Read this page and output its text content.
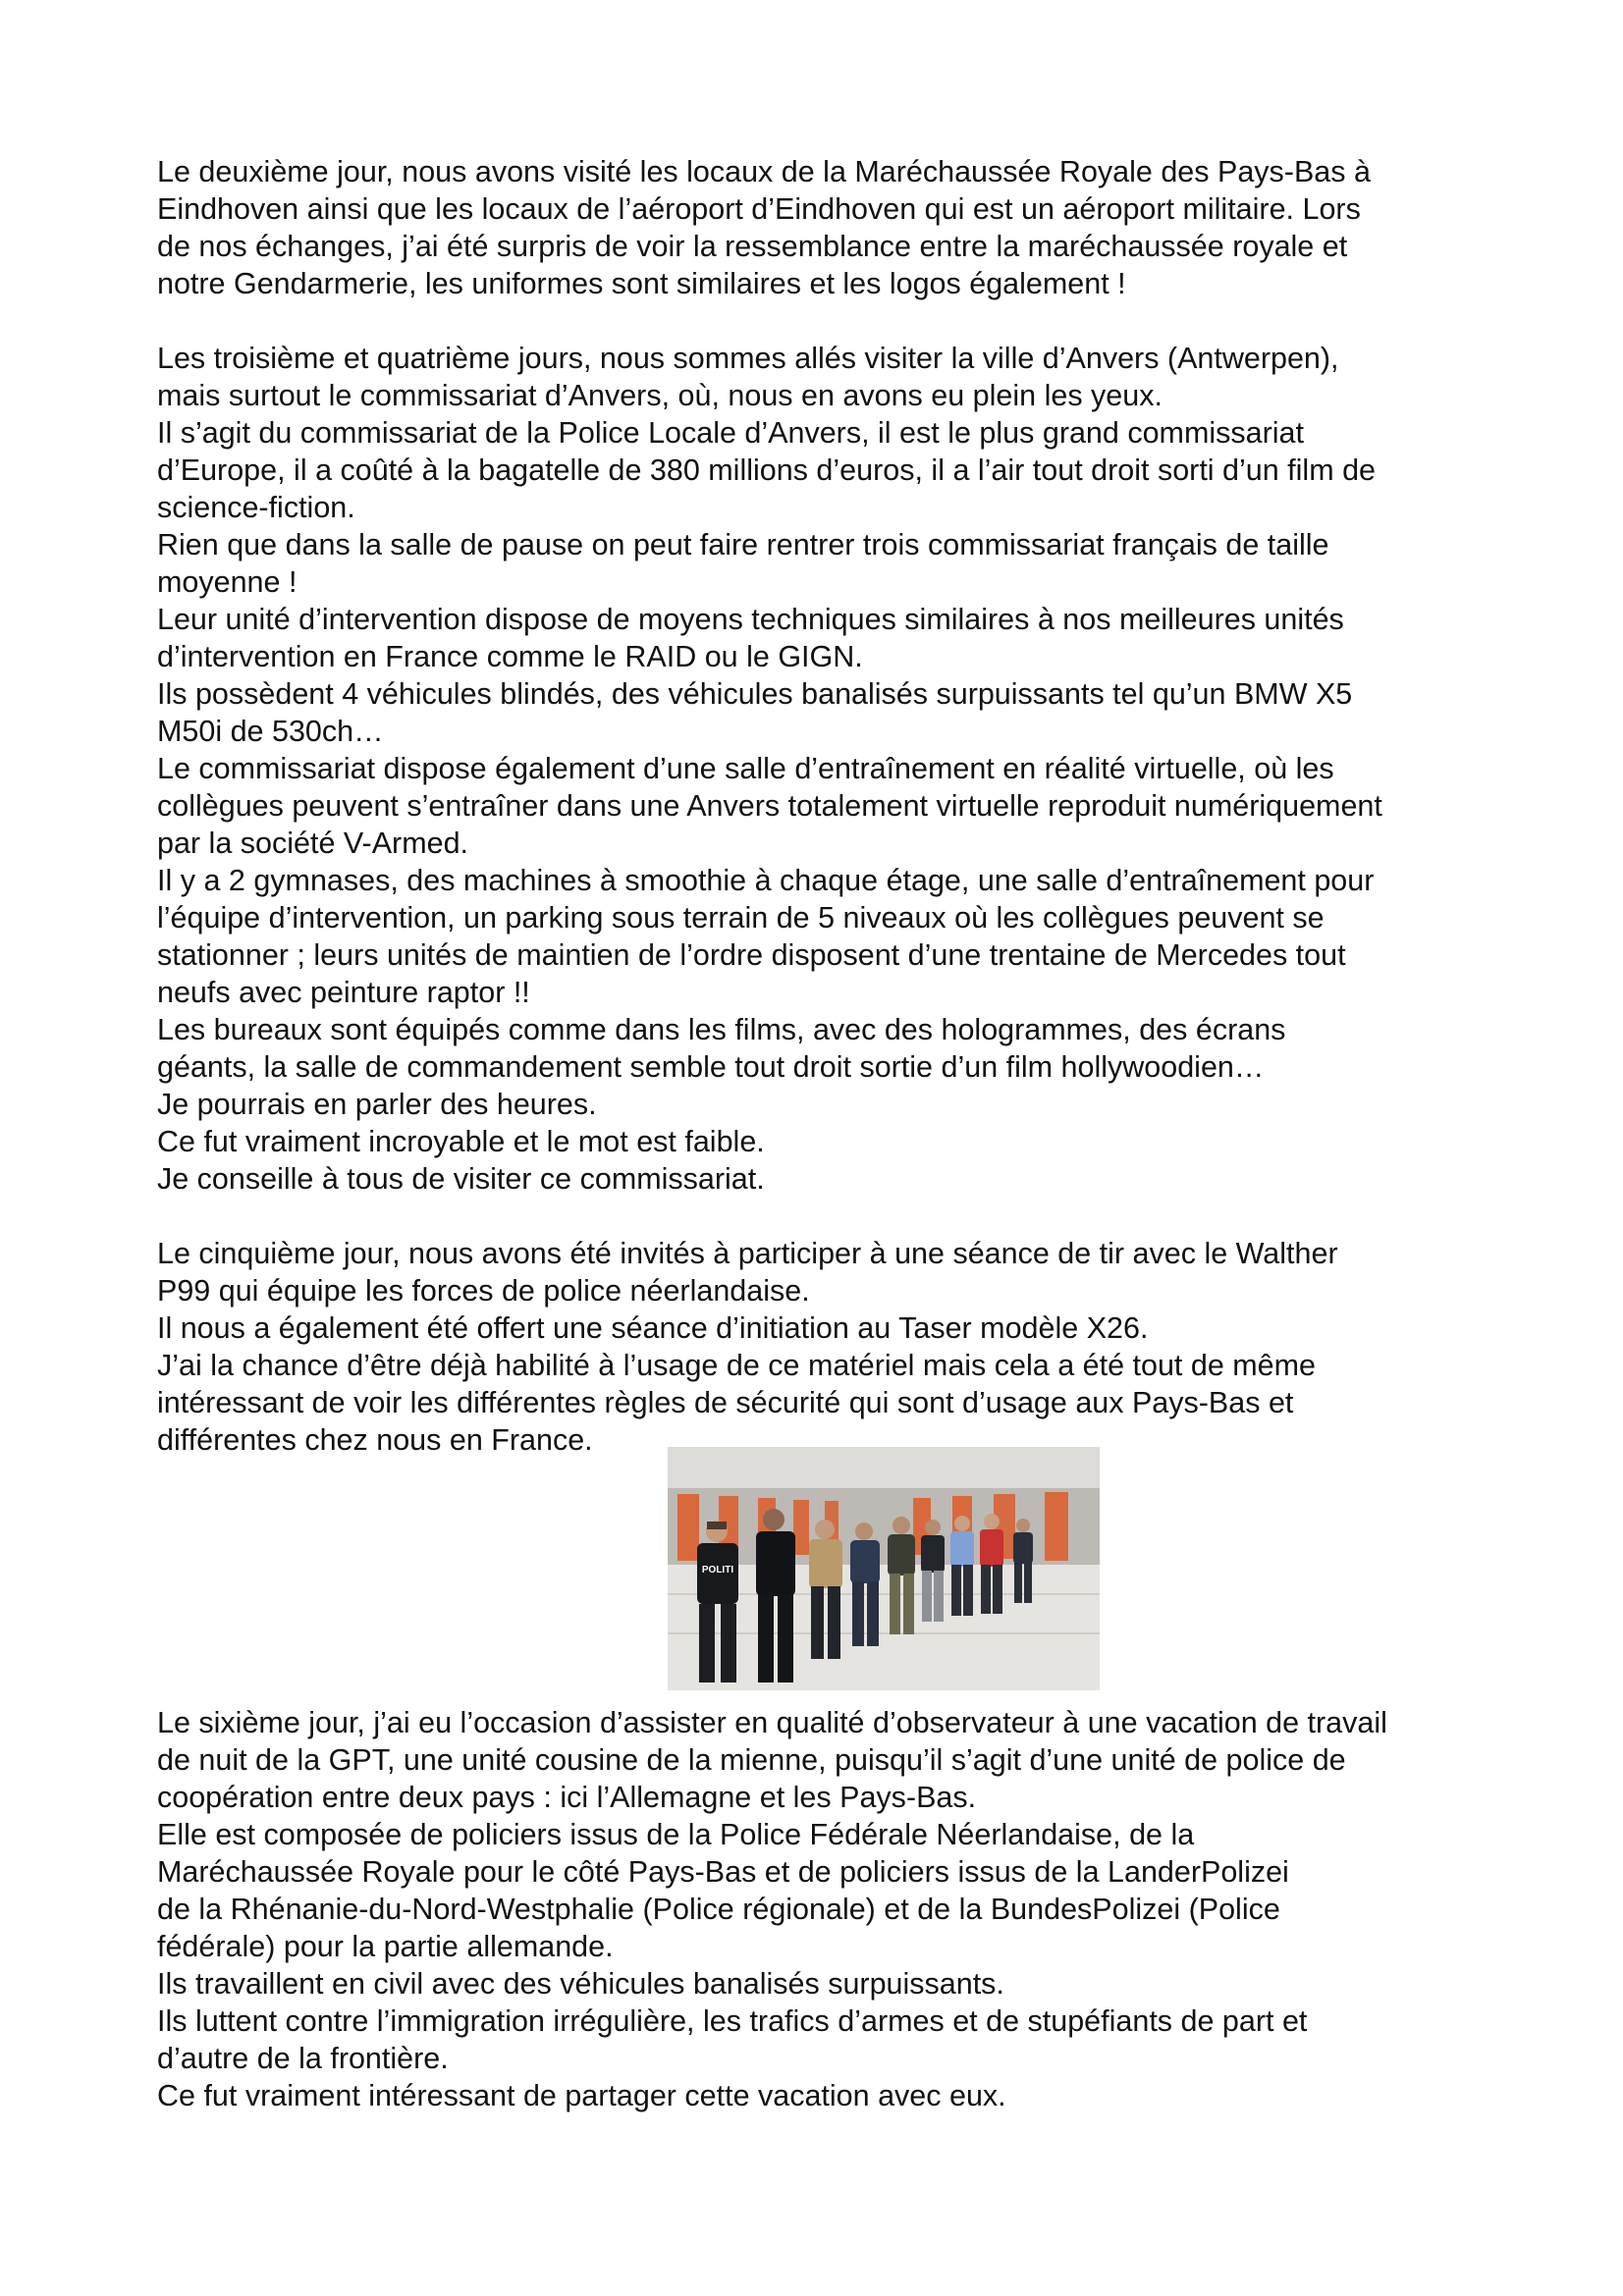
Le deuxième jour, nous avons visité les locaux de la Maréchaussée Royale des Pays-Bas à
Eindhoven ainsi que les locaux de l’aéroport d’Eindhoven qui est un aéroport militaire. Lors
de nos échanges, j’ai été surpris de voir la ressemblance entre la maréchaussée royale et
notre Gendarmerie, les uniformes sont similaires et les logos également !
Les troisième et quatrième jours, nous sommes allés visiter la ville d’Anvers (Antwerpen),
mais surtout le commissariat d’Anvers, où, nous en avons eu plein les yeux.
Il s’agit du commissariat de la Police Locale d’Anvers, il est le plus grand commissariat
d’Europe, il a coûté à la bagatelle de 380 millions d’euros, il a l’air tout droit sorti d’un film de
science-fiction.
Rien que dans la salle de pause on peut faire rentrer trois commissariat français de taille
moyenne !
Leur unité d’intervention dispose de moyens techniques similaires à nos meilleures unités
d’intervention en France comme le RAID ou le GIGN.
Ils possèdent 4 véhicules blindés, des véhicules banalisés surpuissants tel qu’un BMW X5
M50i de 530ch…
Le commissariat dispose également d’une salle d’entraînement en réalité virtuelle, où les
collègues peuvent s’entraîner dans une Anvers totalement virtuelle reproduit numériquement
par la société V-Armed.
Il y a 2 gymnases, des machines à smoothie à chaque étage, une salle d’entraînement pour
l’équipe d’intervention, un parking sous terrain de 5 niveaux où les collègues peuvent se
stationner ; leurs unités de maintien de l’ordre disposent d’une trentaine de Mercedes tout
neufs avec peinture raptor !!
Les bureaux sont équipés comme dans les films, avec des hologrammes, des écrans
géants, la salle de commandement semble tout droit sortie d’un film hollywoodien…
Je pourrais en parler des heures.
Ce fut vraiment incroyable et le mot est faible.
Je conseille à tous de visiter ce commissariat.
Le cinquième jour, nous avons été invités à participer à une séance de tir avec le Walther
P99 qui équipe les forces de police néerlandaise.
Il nous a également été offert une séance d’initiation au Taser modèle X26.
J’ai la chance d’être déjà habilité à l’usage de ce matériel mais cela a été tout de même
intéressant de voir les différentes règles de sécurité qui sont d’usage aux Pays-Bas et
différentes chez nous en France.
POLITI
Le sixième jour, j’ai eu l’occasion d’assister en qualité d’observateur à une vacation de travail
de nuit de la GPT, une unité cousine de la mienne, puisqu’il s’agit d’une unité de police de
coopération entre deux pays : ici l’Allemagne et les Pays-Bas.
Elle est composée de policiers issus de la Police Fédérale Néerlandaise, de la
Maréchaussée Royale pour le côté Pays-Bas et de policiers issus de la LanderPolizei
de la Rhénanie-du-Nord-Westphalie (Police régionale) et de la BundesPolizei (Police
fédérale) pour la partie allemande.
Ils travaillent en civil avec des véhicules banalisés surpuissants.
Ils luttent contre l’immigration irrégulière, les trafics d’armes et de stupéfiants de part et
d’autre de la frontière.
Ce fut vraiment intéressant de partager cette vacation avec eux.
